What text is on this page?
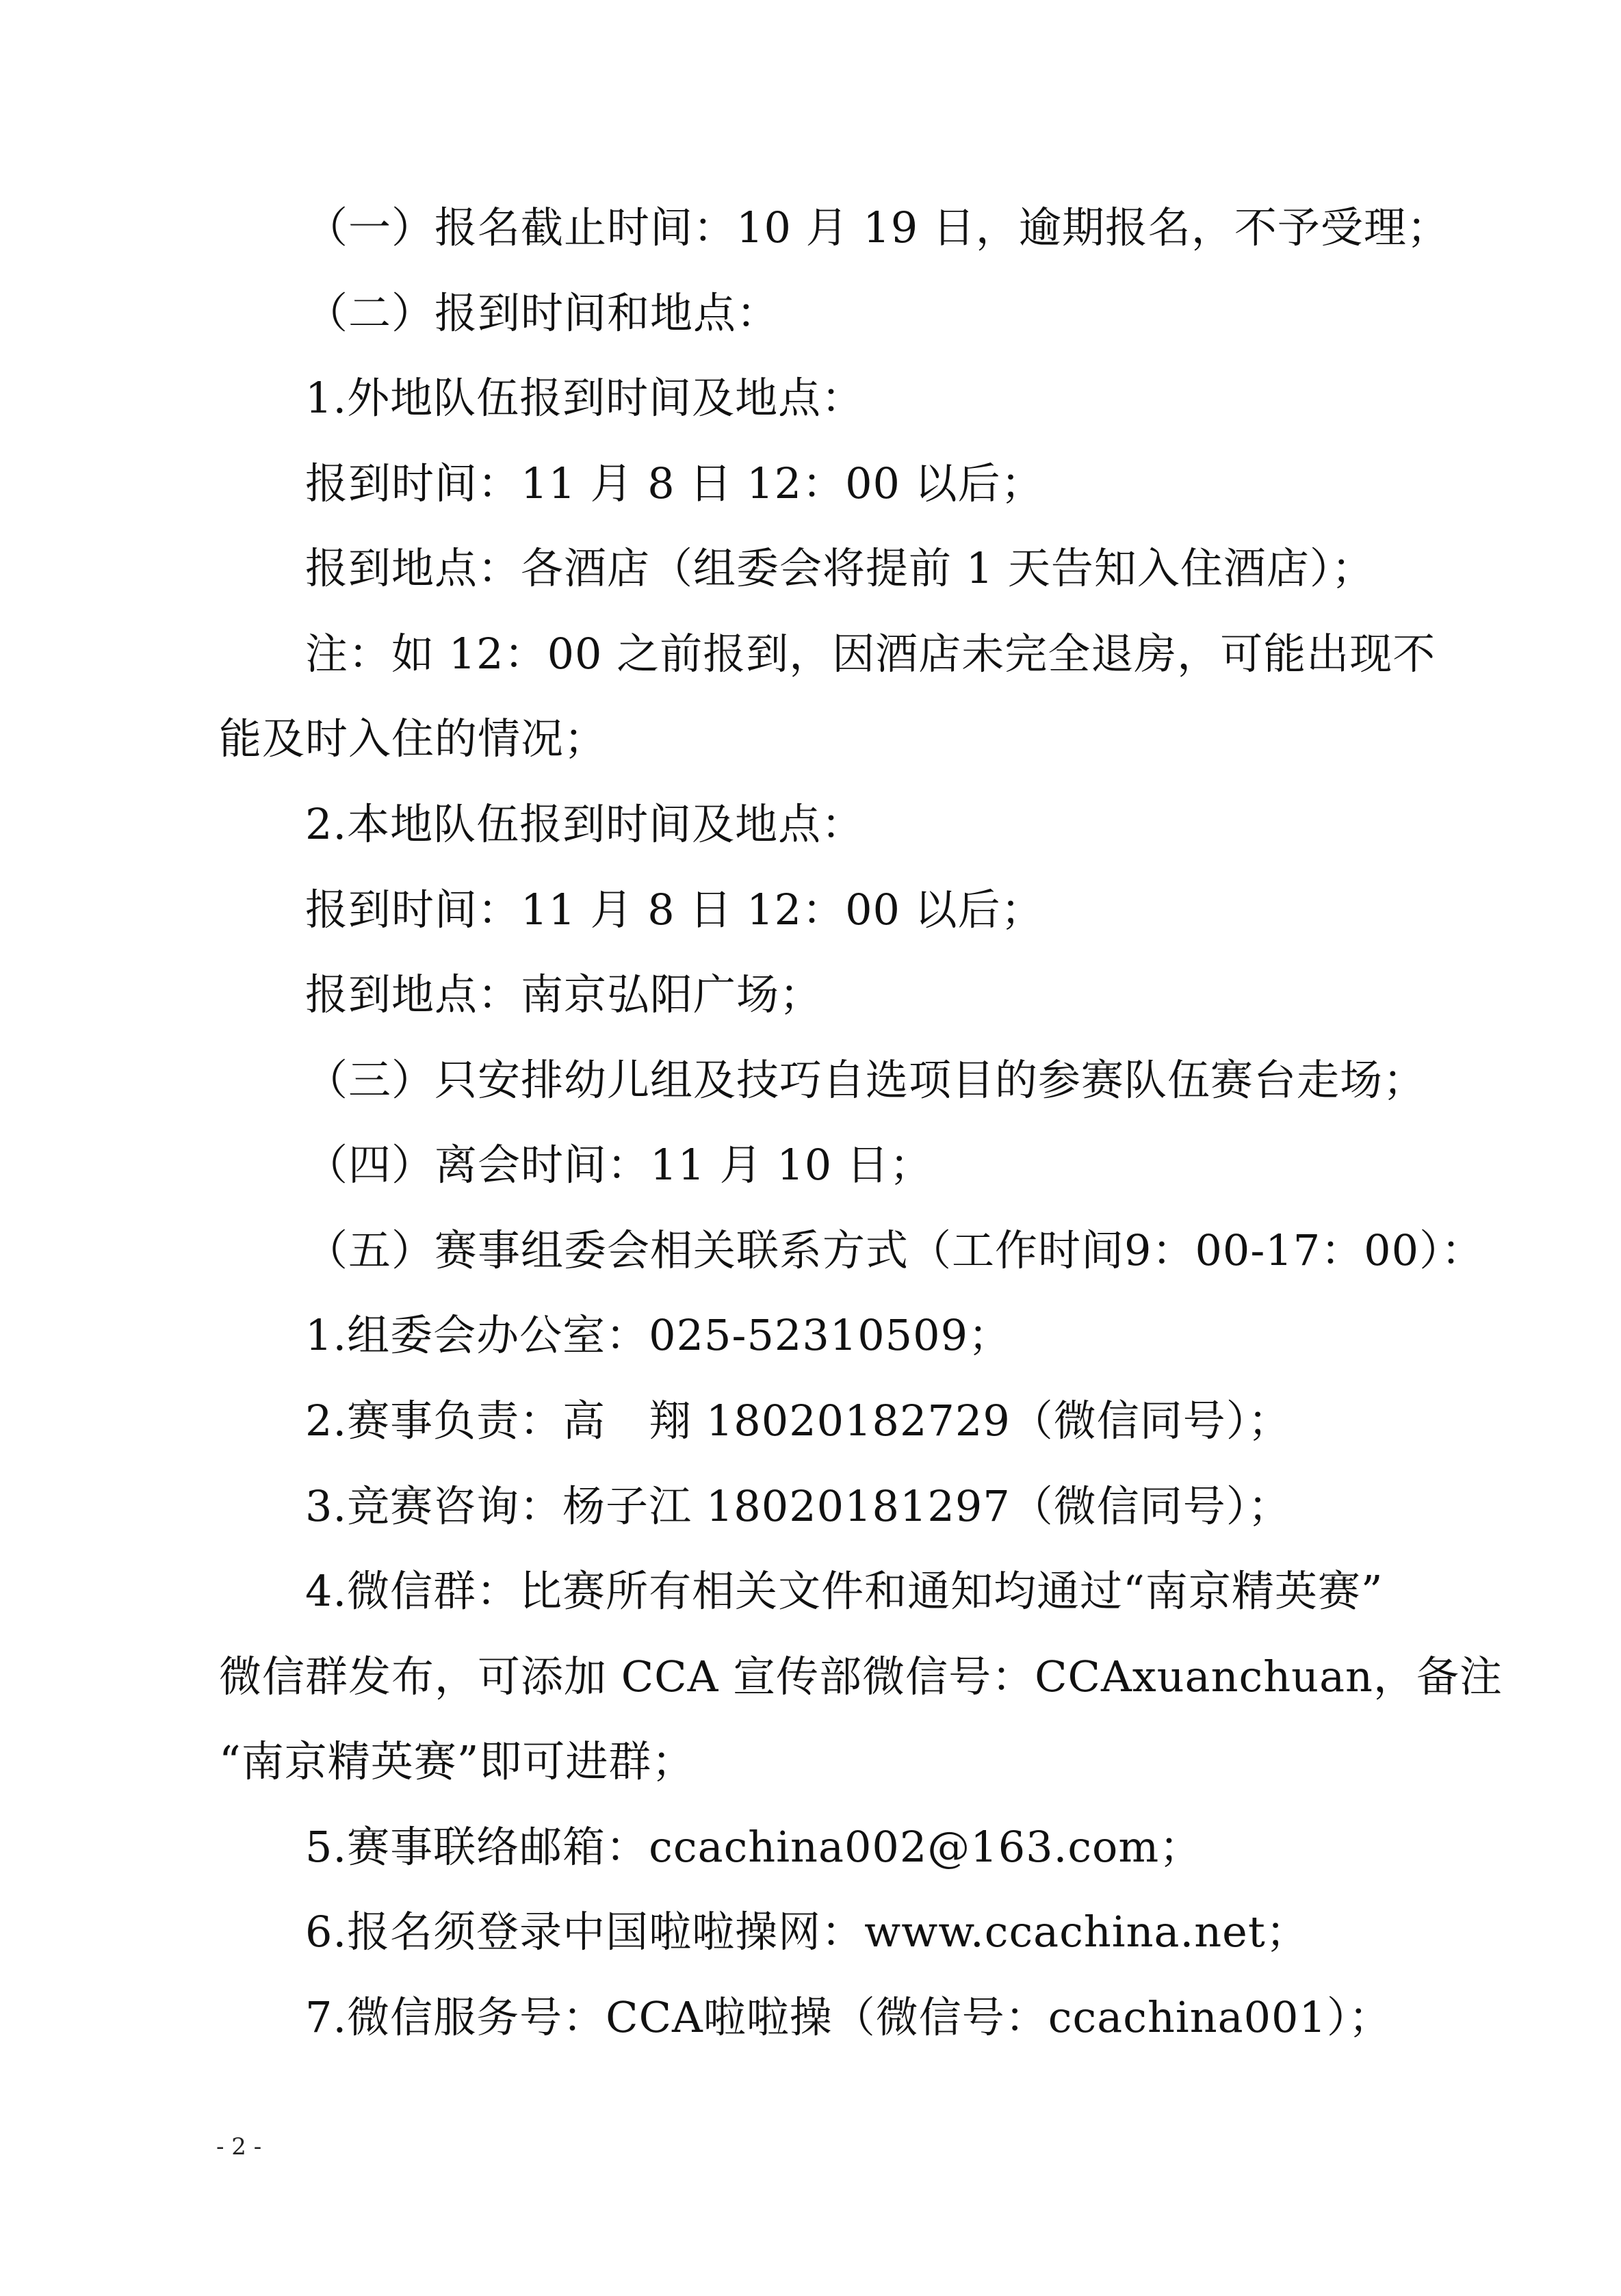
（一）报名截止时间：10 月 19 日，逾期报名，不予受理；
（二）报到时间和地点：
1.外地队伍报到时间及地点：
报到时间：11 月 8 日 12：00 以后；
报到地点：各酒店（组委会将提前 1 天告知入住酒店）；
注：如 12：00 之前报到，因酒店未完全退房，可能出现不
能及时入住的情况；
2.本地队伍报到时间及地点：
报到时间：11 月 8 日 12：00 以后；
报到地点：南京弘阳广场；
（三）只安排幼儿组及技巧自选项目的参赛队伍赛台走场；
（四）离会时间：11 月 10 日；
（五）赛事组委会相关联系方式（工作时间9：00-17：00）：
1.组委会办公室：025-52310509；
2.赛事负责：高　翔 18020182729（微信同号）；
3.竞赛咨询：杨子江 18020181297（微信同号）；
4.微信群：比赛所有相关文件和通知均通过“南京精英赛”
微信群发布，可添加 CCA 宣传部微信号：CCAxuanchuan，备注
“南京精英赛”即可进群；
5.赛事联络邮箱：ccachina002@163.com；
6.报名须登录中国啦啦操网：www.ccachina.net；
7.微信服务号：CCA啦啦操（微信号：ccachina001）；
- 2 -
